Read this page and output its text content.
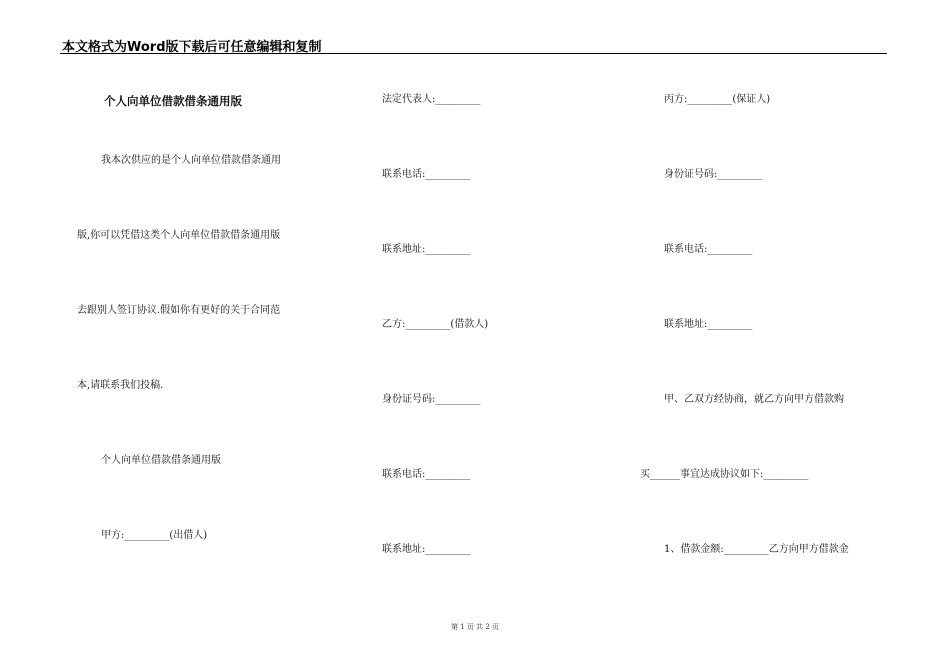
本文格式为Word版下载后可任意编辑和复制
个人向单位借款借条通用版
我本次供应的是个人向单位借款借条通用
版,你可以凭借这类个人向单位借款借条通用版
去跟别人签订协议.假如你有更好的关于合同范
本,请联系我们投稿.
个人向单位借款借条通用版
甲方:_________(出借人)
法定代表人:_________
联系电话:_________
联系地址:_________
乙方:_________(借款人)
身份证号码:_________
联系电话:_________
联系地址:_________
丙方:_________(保证人)
身份证号码:_________
联系电话:_________
联系地址:_________
甲、乙双方经协商，就乙方向甲方借款购
买______事宜达成协议如下:_________
1、借款金额:_________乙方向甲方借款金
第 1 页 共 2 页
